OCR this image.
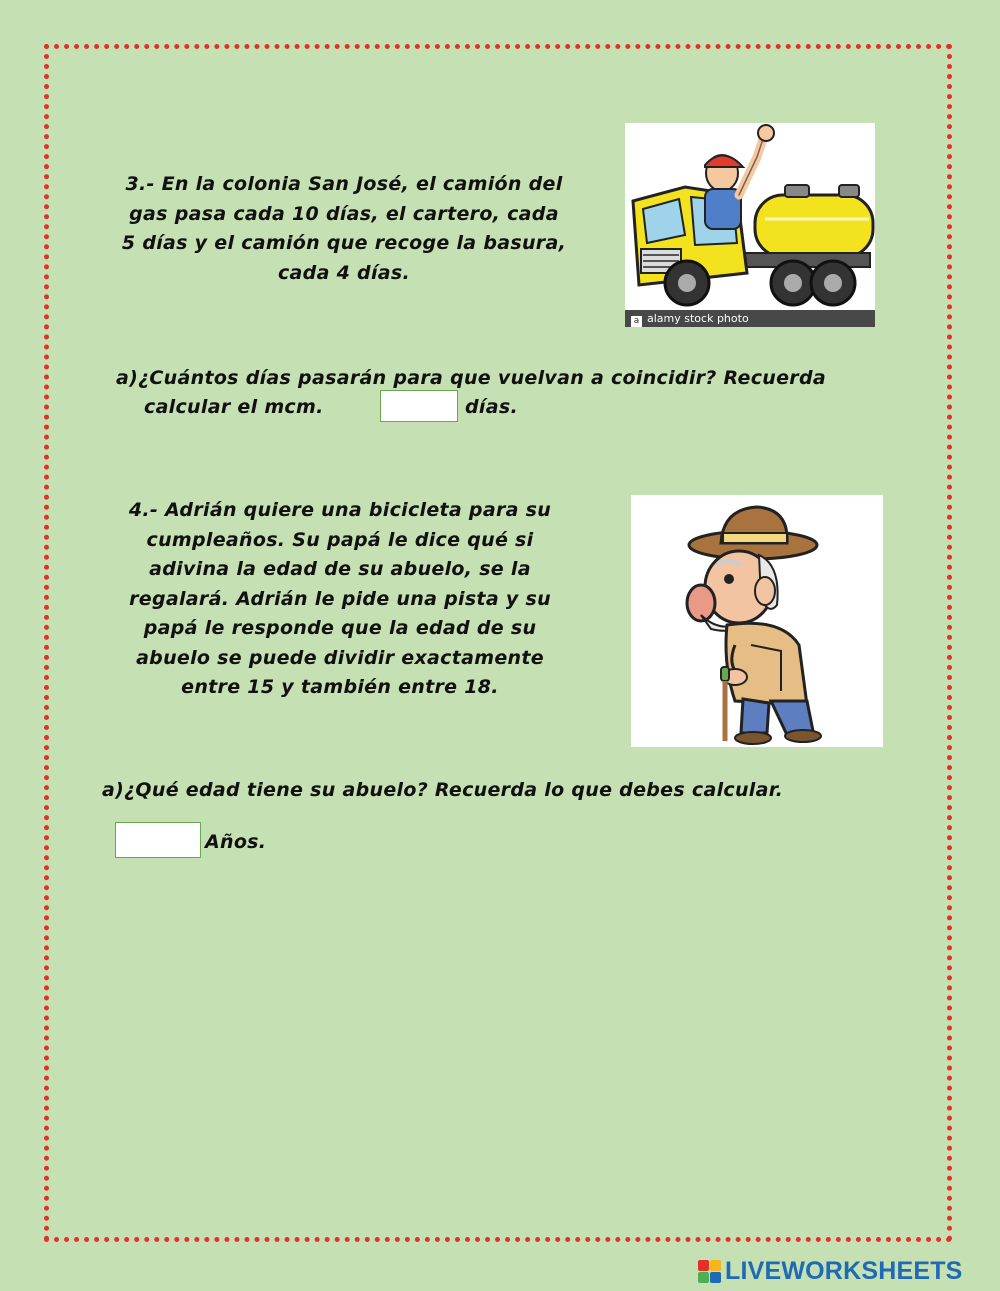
3.- En la colonia San José, el camión del
gas pasa cada 10 días, el cartero, cada
5 días y el camión que recoge la basura,
cada 4 días.
a alamy stock photo
a)¿Cuántos días pasarán para que vuelvan a coincidir? Recuerda
calcular el mcm.	días.
4.- Adrián quiere una bicicleta para su
cumpleaños. Su papá le dice qué si
adivina la edad de su abuelo, se la
regalará. Adrián le pide una pista y su
papá le responde que la edad de su
abuelo se puede dividir exactamente
entre 15 y también entre 18.
a)¿Qué edad tiene su abuelo? Recuerda lo que debes calcular.
Años.
LIVEWORKSHEETS
